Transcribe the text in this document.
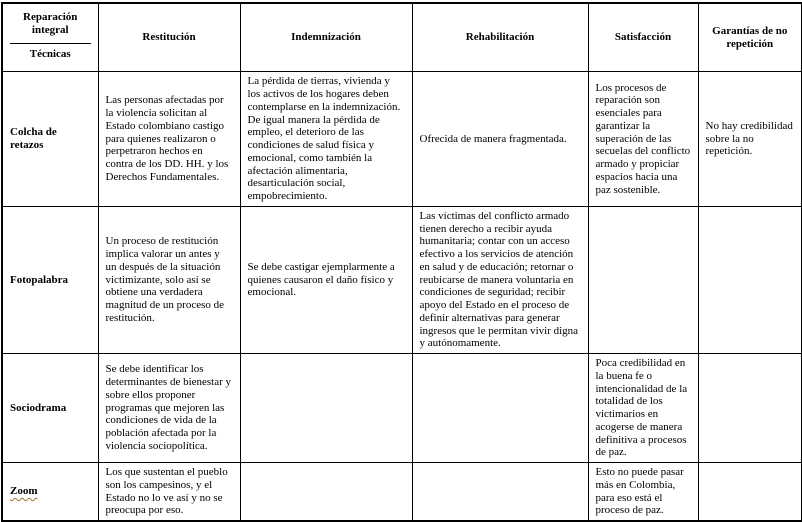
Reparación integral
Técnicas	Restitución	Indemnización	Rehabilitación	Satisfacción	Garantías de no repetición
Colcha de retazos	Las personas afectadas por la violencia solicitan al Estado colombiano castigo para quienes realizaron o perpetraron hechos en contra de los DD. HH. y los Derechos Fundamentales.	La pérdida de tierras, vivienda y los activos de los hogares deben contemplarse en la indemnización. De igual manera la pérdida de empleo, el deterioro de las condiciones de salud física y emocional, como también la afectación alimentaria, desarticulación social, empobrecimiento.	Ofrecida de manera fragmentada.	Los procesos de reparación son esenciales para garantizar la superación de las secuelas del conflicto armado y propiciar espacios hacia una paz sostenible.	No hay credibilidad sobre la no repetición.
Fotopalabra	Un proceso de restitución implica valorar un antes y un después de la situación victimizante, solo así se obtiene una verdadera magnitud de un proceso de restitución.	Se debe castigar ejemplarmente a quienes causaron el daño físico y emocional.	Las víctimas del conflicto armado tienen derecho a recibir ayuda humanitaria; contar con un acceso efectivo a los servicios de atención en salud y de educación; retornar o reubicarse de manera voluntaria en condiciones de seguridad; recibir apoyo del Estado en el proceso de definir alternativas para generar ingresos que le permitan vivir digna y autónomamente.		
Sociodrama	Se debe identificar los determinantes de bienestar y sobre ellos proponer programas que mejoren las condiciones de vida de la población afectada por la violencia sociopolítica.			Poca credibilidad en la buena fe o intencionalidad de la totalidad de los victimarios en acogerse de manera definitiva a procesos de paz.	
Zoom	Los que sustentan el pueblo son los campesinos, y el Estado no lo ve así y no se preocupa por eso.			Esto no puede pasar más en Colombia, para eso está el proceso de paz.	
